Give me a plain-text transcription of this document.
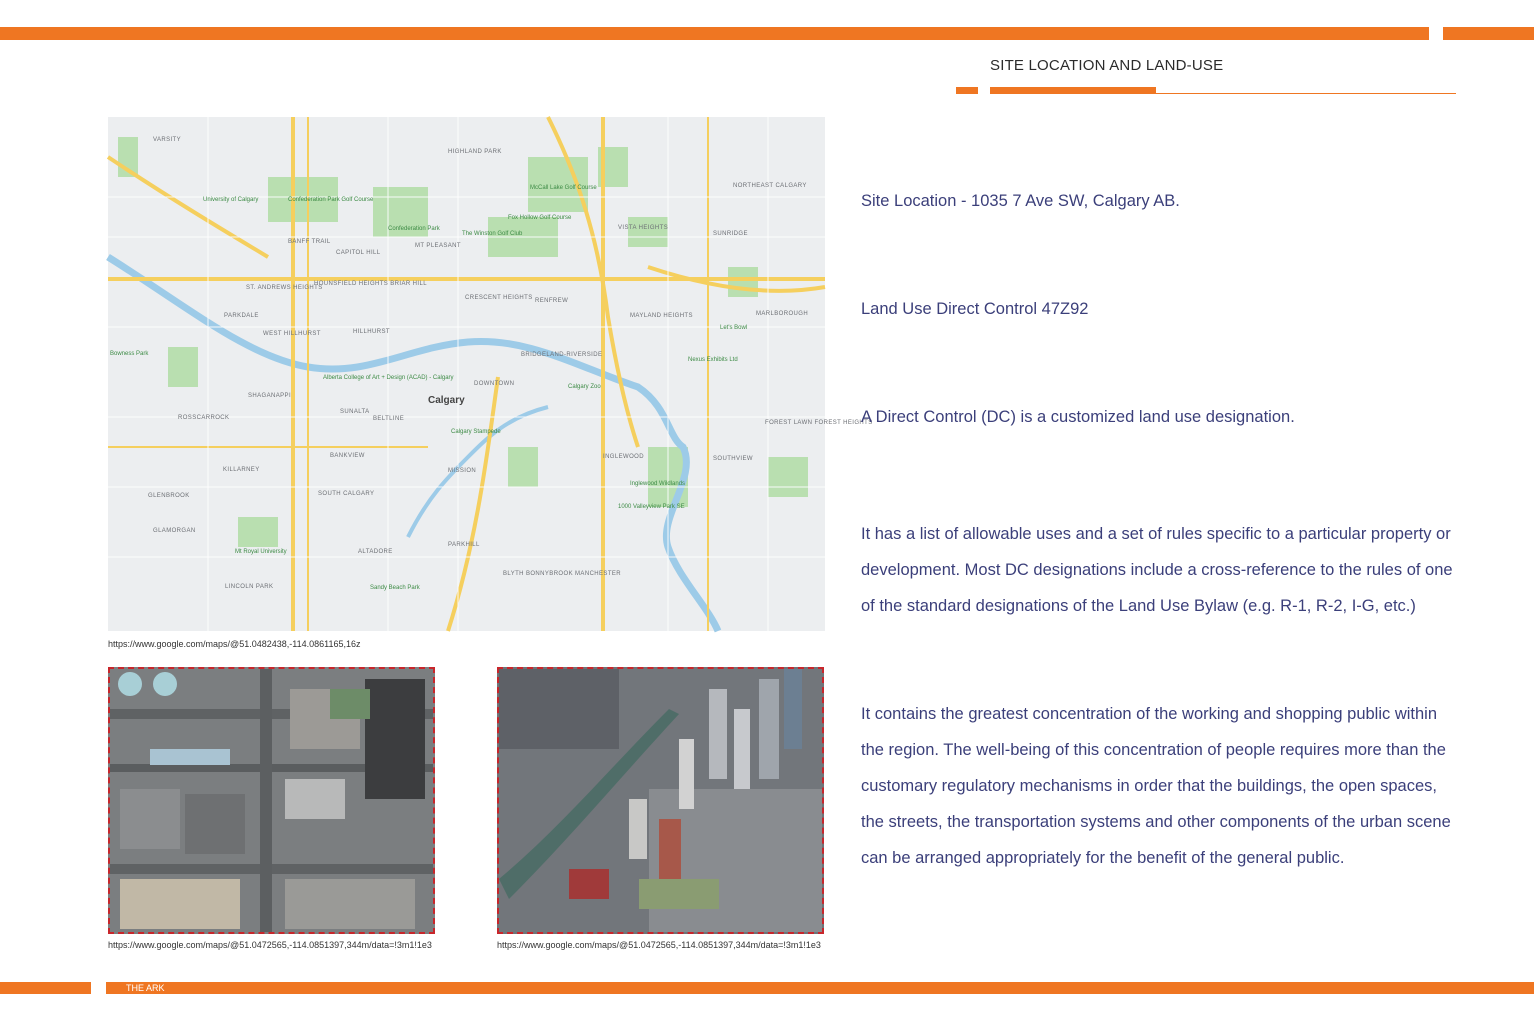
SITE LOCATION AND LAND-USE
VARSITY
HIGHLAND PARK
NORTHEAST CALGARY
University of Calgary	Confederation Park Golf Course
McCall Lake Golf Course
Fox Hollow Golf Course
The Winston Golf Club
Confederation Park
MT PLEASANT
VISTA HEIGHTS
SUNRIDGE
BANFF TRAIL
CAPITOL HILL
ST. ANDREWS HEIGHTS
HOUNSFIELD HEIGHTS BRIAR HILL
CRESCENT HEIGHTS RENFREW
MAYLAND HEIGHTS	MARLBOROUGH
PARKDALE
WEST HILLHURST	HILLHURST
Let's Bowl
BRIDGELAND-RIVERSIDE
Nexus Exhibits Ltd
Bowness Park
Alberta College of Art + Design (ACAD) - Calgary
DOWNTOWN	Calgary Zoo
Calgary
SHAGANAPPI
SUNALTA
BELTLINE
ROSSCARROCK
Calgary Stampede
FOREST LAWN FOREST HEIGHTS
INGLEWOOD	SOUTHVIEW
KILLARNEY
BANKVIEW
MISSION
Inglewood Wildlands
GLENBROOK	SOUTH CALGARY
1000 Valleyview Park SE
GLAMORGAN
Mt Royal University	ALTADORE
PARKHILL
BLYTH BONNYBROOK MANCHESTER
LINCOLN PARK	Sandy Beach Park
https://www.google.com/maps/@51.0482438,-114.0861165,16z
https://www.google.com/maps/@51.0472565,-114.0851397,344m/data=!3m1!1e3	https://www.google.com/maps/@51.0472565,-114.0851397,344m/data=!3m1!1e3

Site Location - 1035 7 Ave SW, Calgary AB.

Land Use Direct Control 47Z92

A Direct Control (DC) is a customized land use designation.

It has a list of allowable uses and a set of rules specific to a particular property or development. Most DC designations include a cross-reference to the rules of one of the standard designations of the Land Use Bylaw (e.g. R-1, R-2, I-G, etc.)

It contains the greatest concentration of the working and shopping public within the region. The well-being of this concentration of people requires more than the customary regulatory mechanisms in order that the buildings, the open spaces, the streets, the transportation systems and other components of the urban scene can be arranged appropriately for the benefit of the general public.

THE ARK
